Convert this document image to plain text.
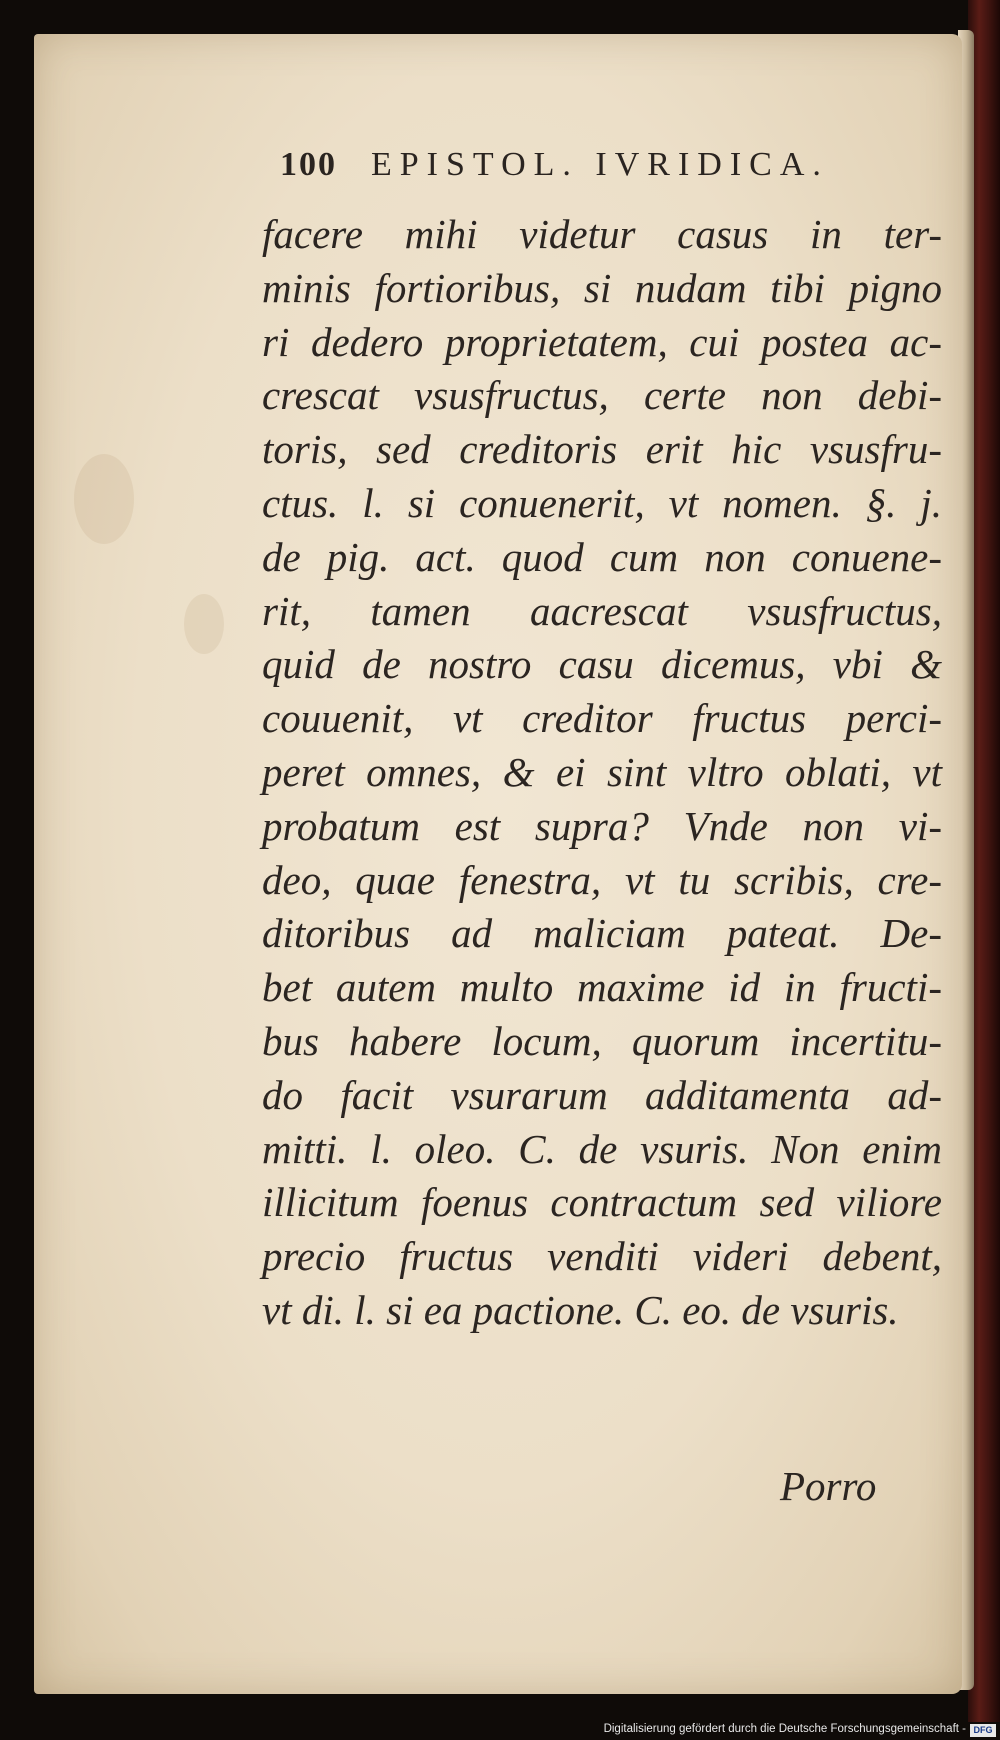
100 EPISTOL. IVRIDICA.
facere mihi videtur casus in ter-
minis fortioribus, si nudam tibi pigno
ri dedero proprietatem, cui postea ac-
crescat vsusfructus, certe non debi-
toris, sed creditoris erit hic vsusfru-
ctus. l. si conuenerit, vt nomen. §. j.
de pig. act. quod cum non conuene-
rit, tamen aacrescat vsusfructus,
quid de nostro casu dicemus, vbi &
couuenit, vt creditor fructus perci-
peret omnes, & ei sint vltro oblati, vt
probatum est supra? Vnde non vi-
deo, quae fenestra, vt tu scribis, cre-
ditoribus ad maliciam pateat. De-
bet autem multo maxime id in fructi-
bus habere locum, quorum incertitu-
do facit vsurarum additamenta ad-
mitti. l. oleo. C. de vsuris. Non enim
illicitum foenus contractum sed viliore
precio fructus venditi videri debent,
vt di. l. si ea pactione. C. eo. de vsuris.
Porro
Digitalisierung gefördert durch die Deutsche Forschungsgemeinschaft - DFG
